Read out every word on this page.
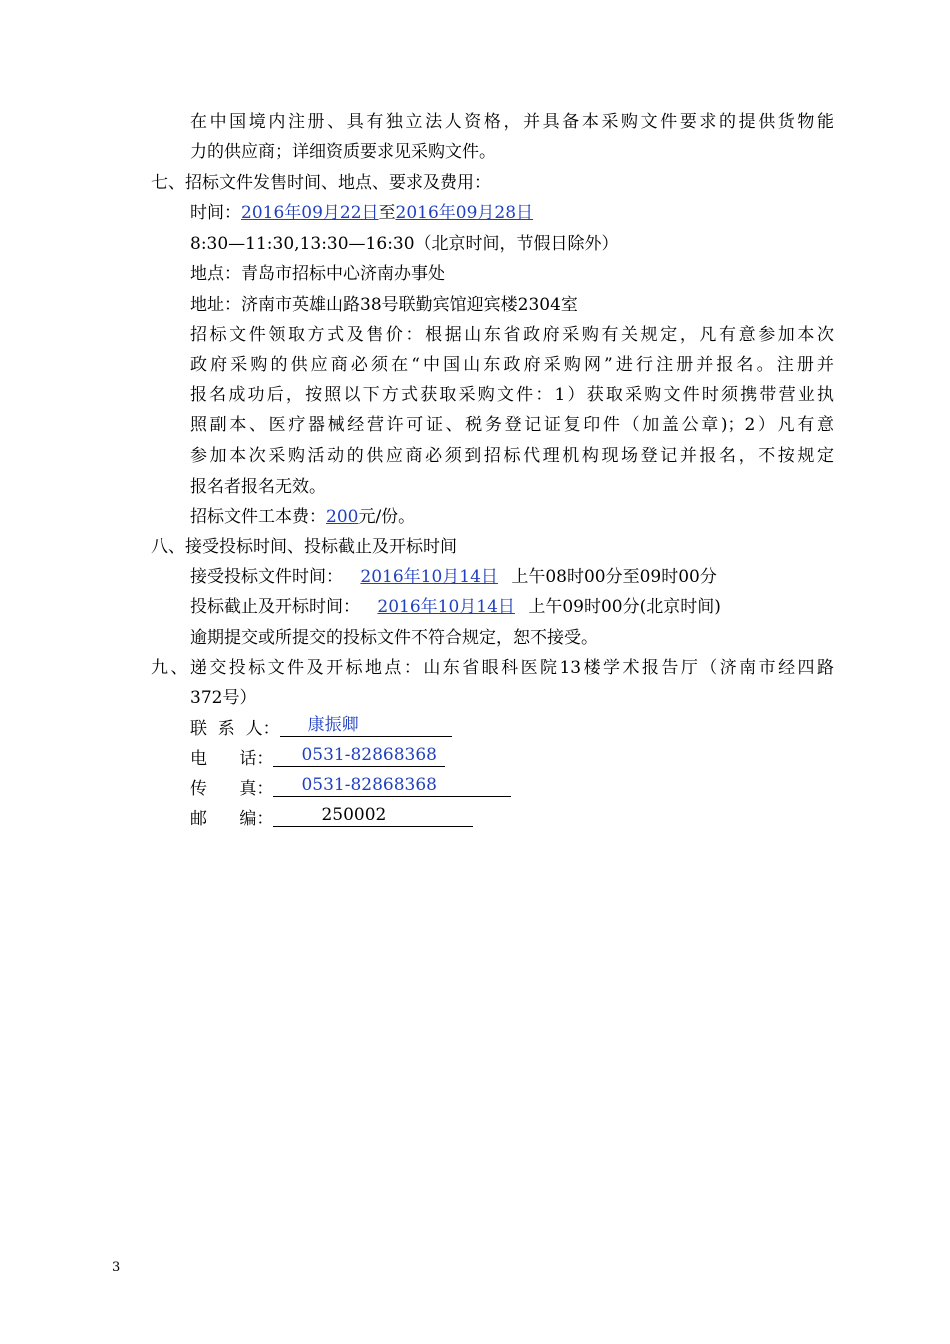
在中国境内注册、具有独立法人资格，并具备本采购文件要求的提供货物能
力的供应商；详细资质要求见采购文件。
七、招标文件发售时间、地点、要求及费用：
时间：2016年09月22日至2016年09月28日
8:30—11:30,13:30—16:30（北京时间，节假日除外）
地点：青岛市招标中心济南办事处
地址：济南市英雄山路38号联勤宾馆迎宾楼2304室
招标文件领取方式及售价：根据山东省政府采购有关规定，凡有意参加本次
政府采购的供应商必须在“中国山东政府采购网”进行注册并报名。注册并
报名成功后，按照以下方式获取采购文件：1）获取采购文件时须携带营业执
照副本、医疗器械经营许可证、税务登记证复印件（加盖公章)；2）凡有意
参加本次采购活动的供应商必须到招标代理机构现场登记并报名，不按规定
报名者报名无效。
招标文件工本费：200元/份。
八、接受投标时间、投标截止及开标时间
接受投标文件时间： 2016年10月14日 上午08时00分至09时00分
投标截止及开标时间： 2016年10月14日 上午09时00分(北京时间)
逾期提交或所提交的投标文件不符合规定，恕不接受。
九、递交投标文件及开标地点：山东省眼科医院13楼学术报告厅（济南市经四路
372号）
联  系  人： 康振卿
电      话： 0531-82868368
传      真： 0531-82868368
邮      编：	250002
3
